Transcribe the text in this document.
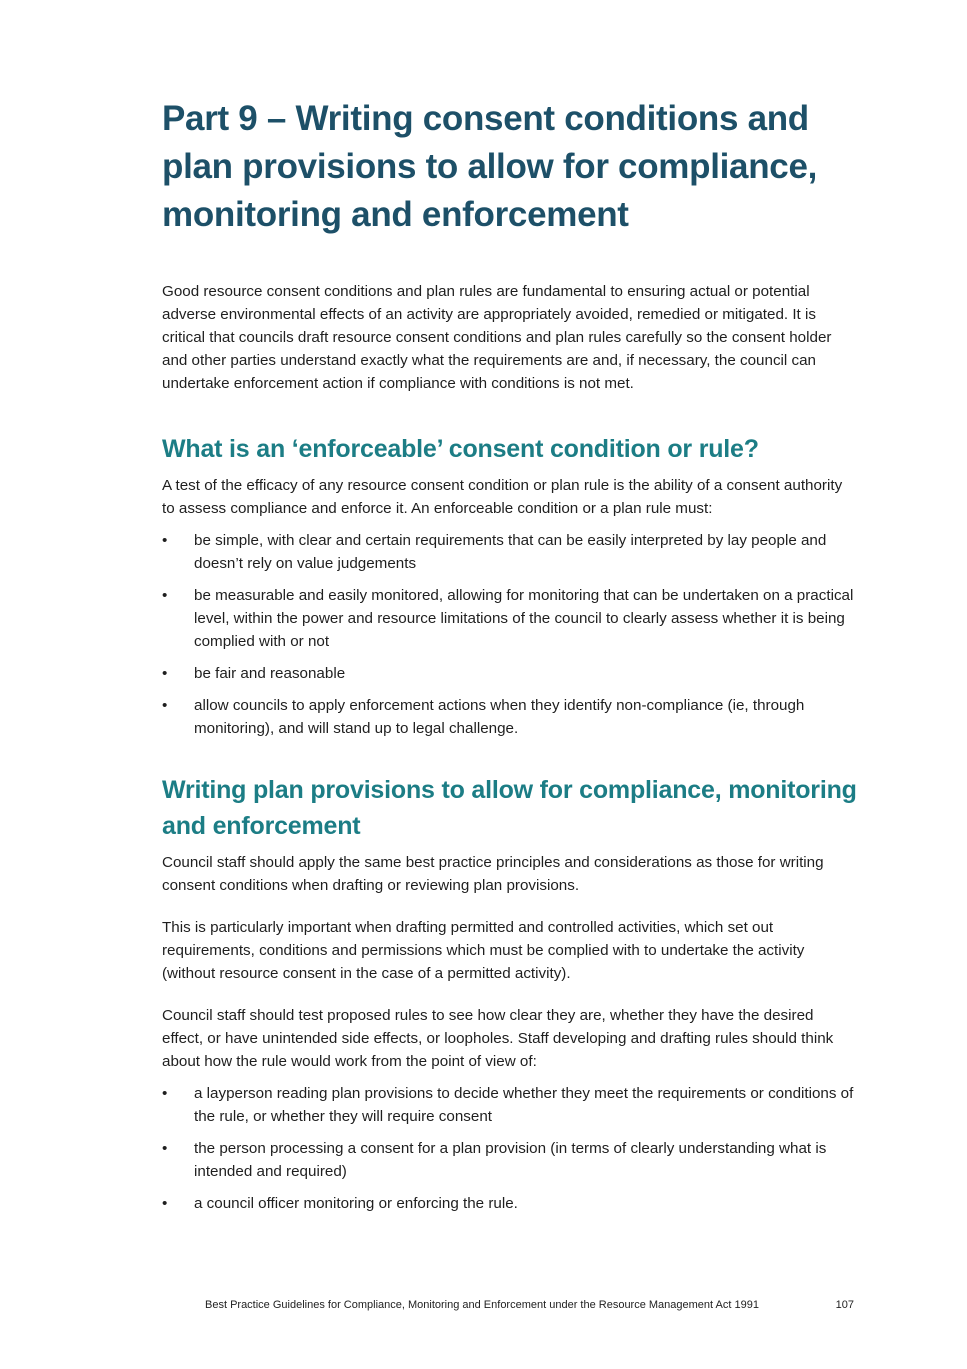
Part 9 – Writing consent conditions and plan provisions to allow for compliance, monitoring and enforcement

Good resource consent conditions and plan rules are fundamental to ensuring actual or potential adverse environmental effects of an activity are appropriately avoided, remedied or mitigated. It is critical that councils draft resource consent conditions and plan rules carefully so the consent holder and other parties understand exactly what the requirements are and, if necessary, the council can undertake enforcement action if compliance with conditions is not met.

What is an ‘enforceable’ consent condition or rule?

A test of the efficacy of any resource consent condition or plan rule is the ability of a consent authority to assess compliance and enforce it. An enforceable condition or a plan rule must:

• be simple, with clear and certain requirements that can be easily interpreted by lay people and doesn’t rely on value judgements
• be measurable and easily monitored, allowing for monitoring that can be undertaken on a practical level, within the power and resource limitations of the council to clearly assess whether it is being complied with or not
• be fair and reasonable
• allow councils to apply enforcement actions when they identify non-compliance (ie, through monitoring), and will stand up to legal challenge.
Writing plan provisions to allow for compliance, monitoring and enforcement

Council staff should apply the same best practice principles and considerations as those for writing consent conditions when drafting or reviewing plan provisions.

This is particularly important when drafting permitted and controlled activities, which set out requirements, conditions and permissions which must be complied with to undertake the activity (without resource consent in the case of a permitted activity).

Council staff should test proposed rules to see how clear they are, whether they have the desired effect, or have unintended side effects, or loopholes. Staff developing and drafting rules should think about how the rule would work from the point of view of:

• a layperson reading plan provisions to decide whether they meet the requirements or conditions of the rule, or whether they will require consent
• the person processing a consent for a plan provision (in terms of clearly understanding what is intended and required)
• a council officer monitoring or enforcing the rule.
Best Practice Guidelines for Compliance, Monitoring and Enforcement under the Resource Management Act 1991	107
